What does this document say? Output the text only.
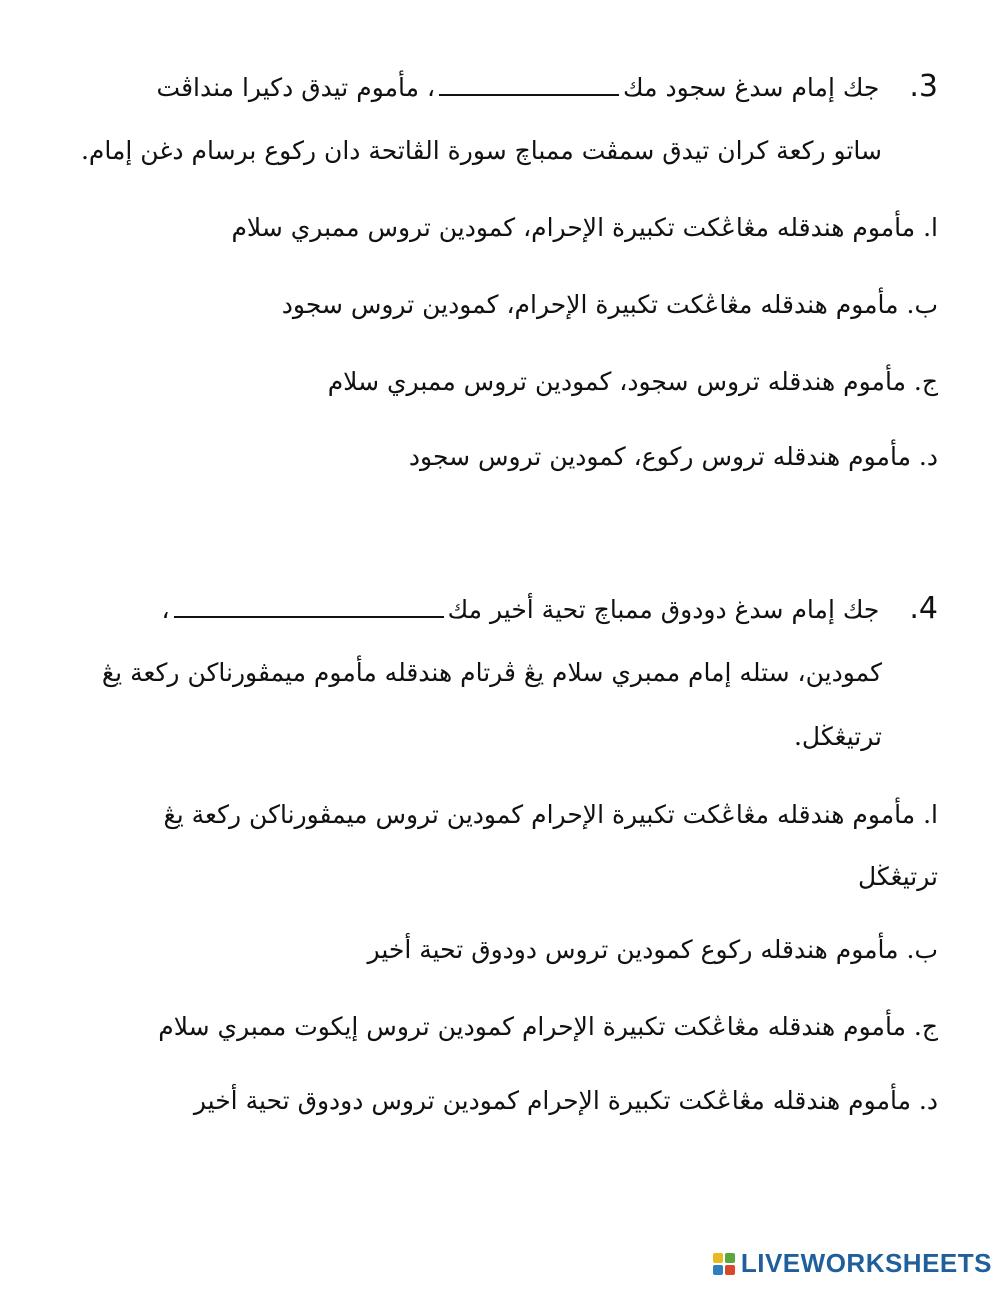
3.جك إمام سدغ سجود مك، مأموم تيدق دكيرا منداڤت
ساتو رکعة کران تيدق سمڤت ممباچ سورة الڤاتحة دان رکوع برسام دغن إمام.
ا. مأموم هندقله مڠاڠکت تکبيرة الإحرام، کمودين تروس ممبري سلام
ب. مأموم هندقله مڠاڠکت تکبيرة الإحرام، کمودين تروس سجود
ج. مأموم هندقله تروس سجود، کمودين تروس ممبري سلام
د. مأموم هندقله تروس رکوع، کمودين تروس سجود
4.جك إمام سدغ دودوق ممباچ تحية أخير مك،
کمودين، ستله إمام ممبري سلام يڠ ڤرتام هندقله مأموم ميمڤورناکن رکعة يڠ
ترتيڠڬل.
ا. مأموم هندقله مڠاڠکت تکبيرة الإحرام کمودين تروس ميمڤورناکن رکعة يڠ
ترتيڠڬل
ب. مأموم هندقله رکوع کمودين تروس دودوق تحية أخير
ج. مأموم هندقله مڠاڠکت تکبيرة الإحرام کمودين تروس إيکوت ممبري سلام
د. مأموم هندقله مڠاڠکت تکبيرة الإحرام کمودين تروس دودوق تحية أخير
LIVEWORKSHEETS
